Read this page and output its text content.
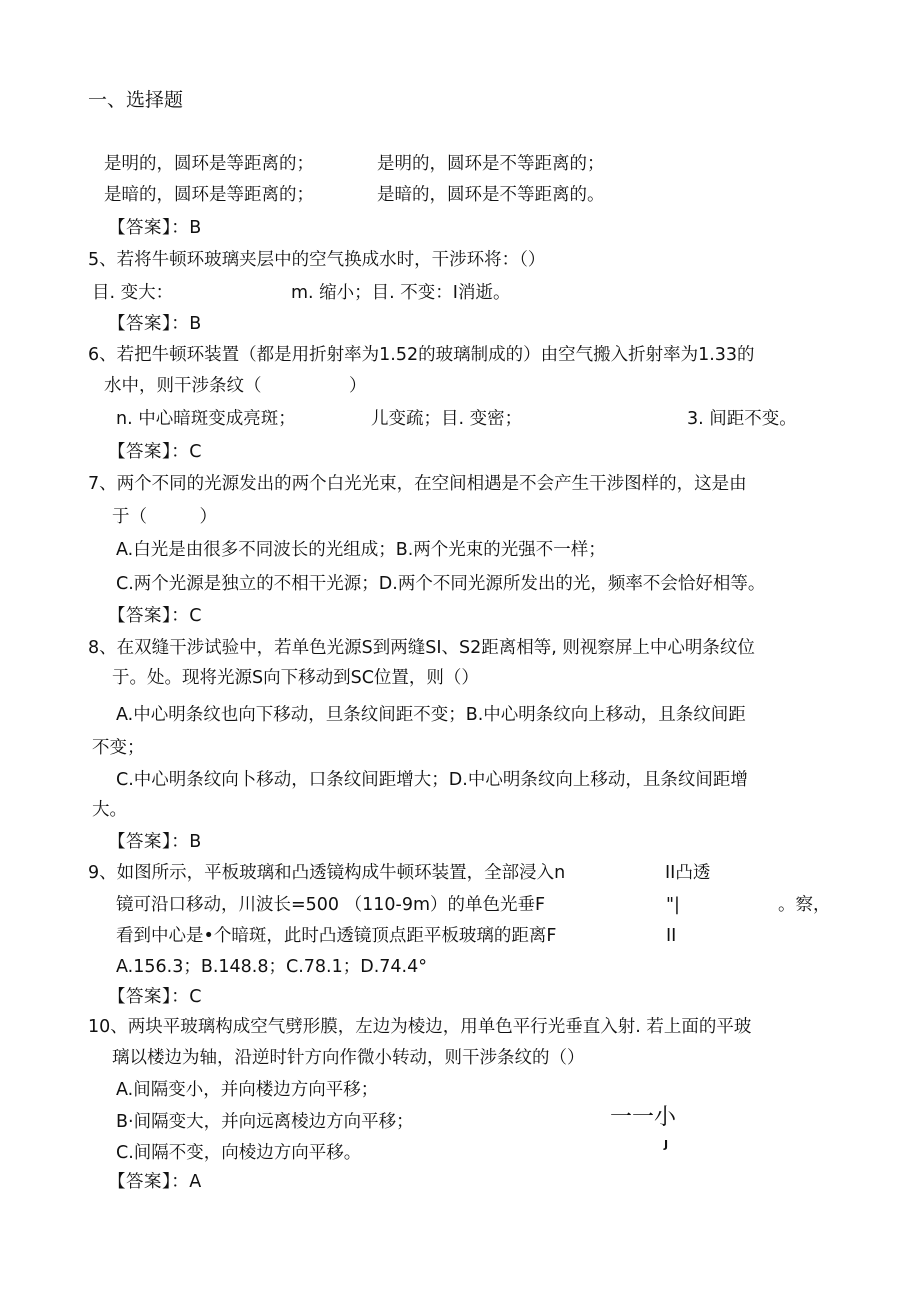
一、选择题
是明的，圆环是等距离的；	是明的，圆环是不等距离的；
是暗的，圆环是等距离的；	是暗的，圆环是不等距离的。
【答案】：B
5、若将牛顿环玻璃夹层中的空气换成水时，干涉环将：（）
目. 变大：	m. 缩小；目. 不变：I消逝。
【答案】：B
6、若把牛顿环装置（都是用折射率为1.52的玻璃制成的）由空气搬入折射率为1.33的
水中，则干涉条纹（　　　　　）
n. 中心暗斑变成亮斑；	儿变疏；目. 变密；	3. 间距不变。
【答案】：C
7、两个不同的光源发出的两个白光光束，在空间相遇是不会产生干涉图样的，这是由
于（　　　）
A.白光是由很多不同波长的光组成；B.两个光束的光强不一样；
C.两个光源是独立的不相干光源；D.两个不同光源所发出的光，频率不会恰好相等。
【答案】：C
8、在双缝干涉试验中，若单色光源S到两缝SI、S2距离相等, 则视察屏上中心明条纹位
于。处。现将光源S向下移动到SC位置，则（）
A.中心明条纹也向下移动，旦条纹间距不变；B.中心明条纹向上移动，且条纹间距
不变；
C.中心明条纹向卜移动，口条纹间距增大；D.中心明条纹向上移动，且条纹间距增
大。
【答案】：B
9、如图所示，平板玻璃和凸透镜构成牛顿环装置，全部浸入n	II凸透
镜可沿口移动，川波长=500 （110-9m）的单色光垂F	"|	。察，
看到中心是•个暗斑，此时凸透镜顶点距平板玻璃的距离F	II
A.156.3；B.148.8；C.78.1；D.74.4°
【答案】：C
10、两块平玻璃构成空气劈形膜，左边为棱边，用单色平行光垂直入射. 若上面的平玻
璃以楼边为轴，沿逆时针方向作微小转动，则干涉条纹的（）
A.间隔变小，并向楼边方向平移；
B·间隔变大，并向远离棱边方向平移；
C.间隔不变，向棱边方向平移。
一一小
J
【答案】：A
